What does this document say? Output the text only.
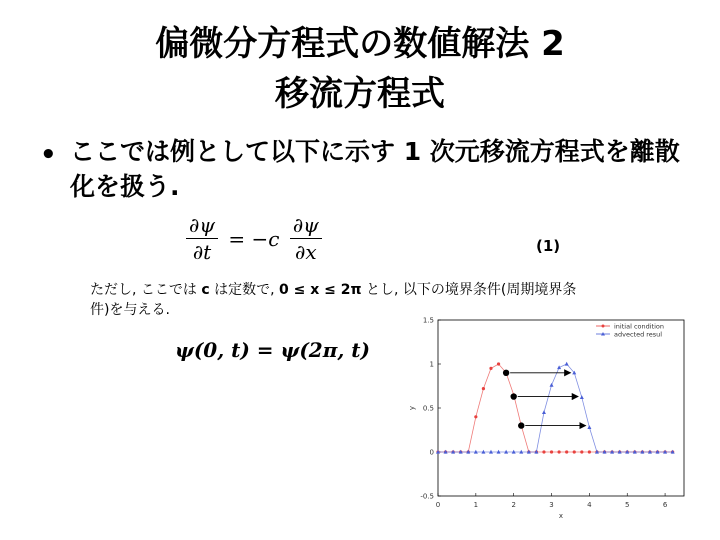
偏微分方程式の数値解法 2
移流方程式
• ここでは例として以下に示す 1 次元移流方程式を離散化を扱う.
$\frac{\partial\psi}{\partial t} = -c \frac{\partial\psi}{\partial x}$	(1)
ただし, ここでは c は定数で, 0 ≤ x ≤ 2π とし, 以下の境界条件(周期境界条件)を与える.
ψ(0, t) = ψ(2π, t)
0	1	2	3	4	5	6
-0.5
0
0.5
1
1.5
x
y
initial condition
advected resul
